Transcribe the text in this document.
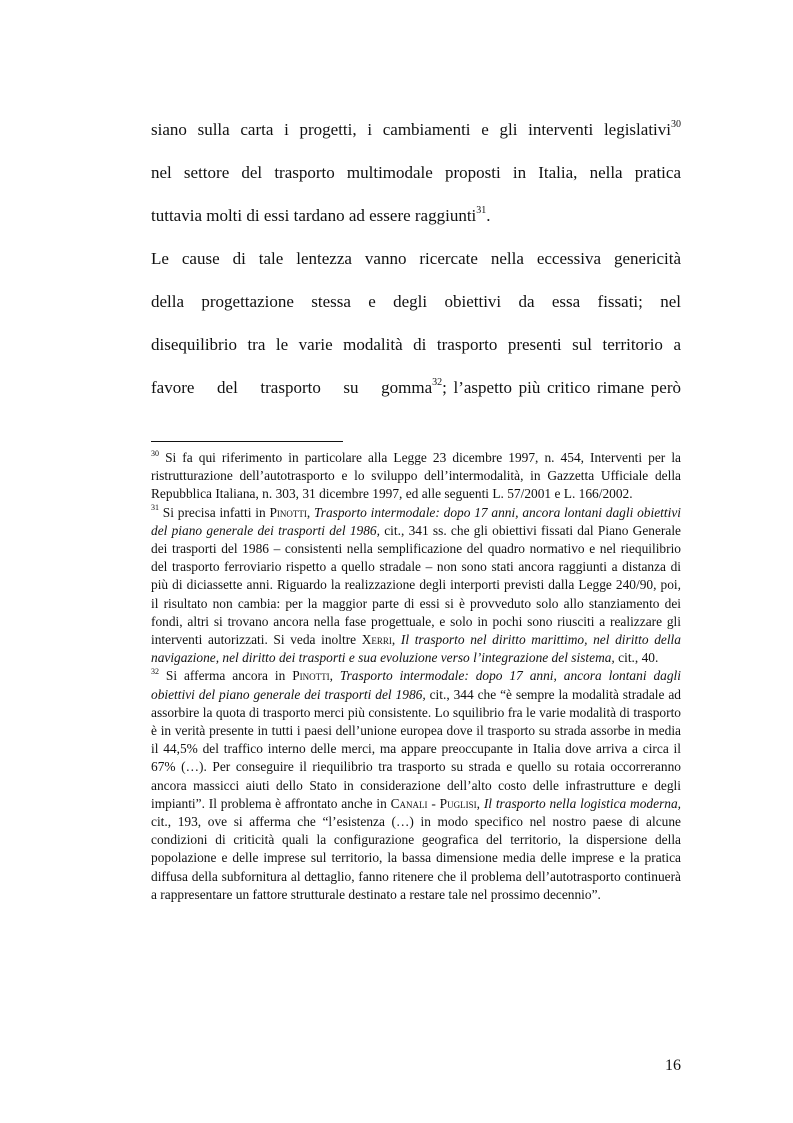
siano sulla carta i progetti, i cambiamenti e gli interventi legislativi$^{30}$

nel settore del trasporto multimodale proposti in Italia, nella pratica

tuttavia molti di essi tardano ad essere raggiunti$^{31}$.

Le cause di tale lentezza vanno ricercate nella eccessiva genericità

della progettazione stessa e degli obiettivi da essa fissati; nel

disequilibrio tra le varie modalità di trasporto presenti sul territorio a

favore del trasporto su gomma$^{32}$; l’aspetto più critico rimane però

$^{30}$ Si fa qui riferimento in particolare alla Legge 23 dicembre 1997, n. 454, Interventi per la ristrutturazione dell’autotrasporto e lo sviluppo dell’intermodalità, in Gazzetta Ufficiale della Repubblica Italiana, n. 303, 31 dicembre 1997, ed alle seguenti L. 57/2001 e L. 166/2002.

$^{31}$ Si precisa infatti in Pinotti, Trasporto intermodale: dopo 17 anni, ancora lontani dagli obiettivi del piano generale dei trasporti del 1986, cit., 341 ss. che gli obiettivi fissati dal Piano Generale dei trasporti del 1986 – consistenti nella semplificazione del quadro normativo e nel riequilibrio del trasporto ferroviario rispetto a quello stradale – non sono stati ancora raggiunti a distanza di più di diciassette anni. Riguardo la realizzazione degli interporti previsti dalla Legge 240/90, poi, il risultato non cambia: per la maggior parte di essi si è provveduto solo allo stanziamento dei fondi, altri si trovano ancora nella fase progettuale, e solo in pochi sono riusciti a realizzare gli interventi autorizzati. Si veda inoltre Xerri, Il trasporto nel diritto marittimo, nel diritto della navigazione, nel diritto dei trasporti e sua evoluzione verso l’integrazione del sistema, cit., 40.

$^{32}$ Si afferma ancora in Pinotti, Trasporto intermodale: dopo 17 anni, ancora lontani dagli obiettivi del piano generale dei trasporti del 1986, cit., 344 che “è sempre la modalità stradale ad assorbire la quota di trasporto merci più consistente. Lo squilibrio fra le varie modalità di trasporto è in verità presente in tutti i paesi dell’unione europea dove il trasporto su strada assorbe in media il 44,5% del traffico interno delle merci, ma appare preoccupante in Italia dove arriva a circa il 67% (…). Per conseguire il riequilibrio tra trasporto su strada e quello su rotaia occorreranno ancora massicci aiuti dello Stato in considerazione dell’alto costo delle infrastrutture e degli impianti”. Il problema è affrontato anche in Canali - Puglisi, Il trasporto nella logistica moderna, cit., 193, ove si afferma che “l’esistenza (…) in modo specifico nel nostro paese di alcune condizioni di criticità quali la configurazione geografica del territorio, la dispersione della popolazione e delle imprese sul territorio, la bassa dimensione media delle imprese e la pratica diffusa della subfornitura al dettaglio, fanno ritenere che il problema dell’autotrasporto continuerà a rappresentare un fattore strutturale destinato a restare tale nel prossimo decennio”.

16
